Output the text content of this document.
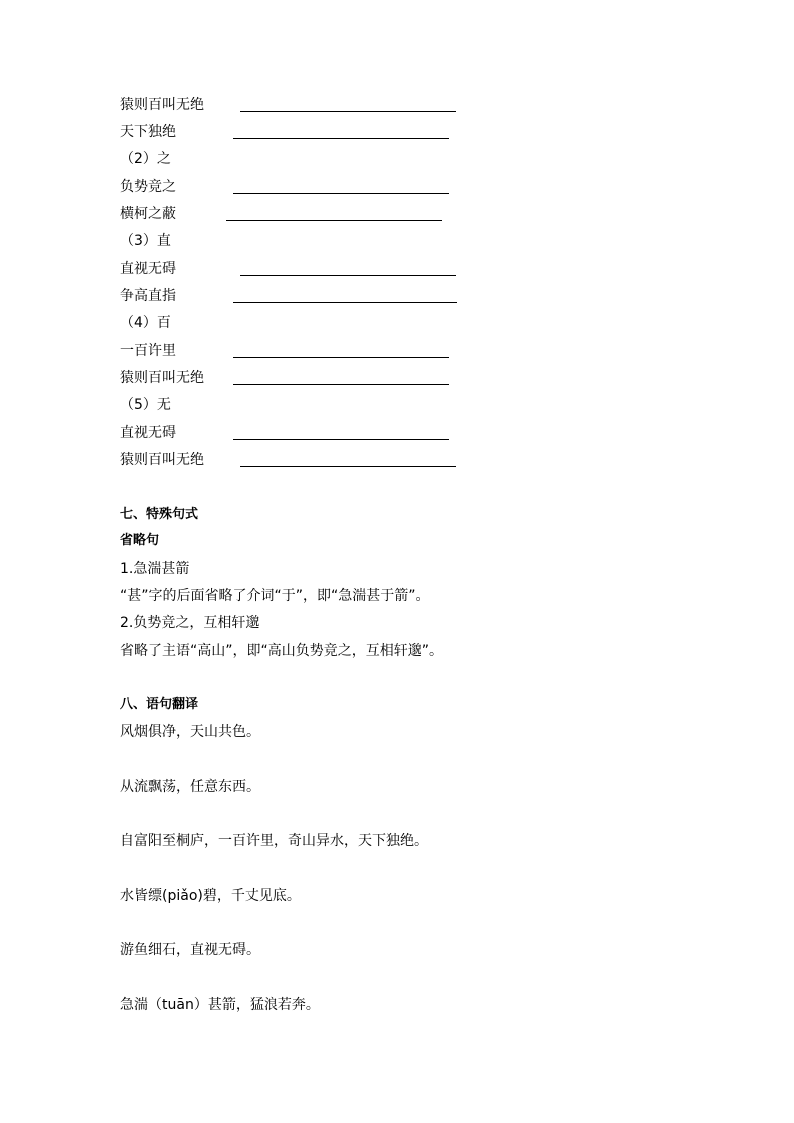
猿则百叫无绝
天下独绝
（2）之
负势竞之
横柯之蔽
（3）直
直视无碍
争高直指
（4）百
一百许里
猿则百叫无绝
（5）无
直视无碍
猿则百叫无绝
七、特殊句式
省略句
1.急湍甚箭
“甚”字的后面省略了介词“于”，即“急湍甚于箭”。
2.负势竞之，互相轩邈
省略了主语“高山”，即“高山负势竞之，互相轩邈”。
八、语句翻译
风烟俱净，天山共色。
从流飘荡，任意东西。
自富阳至桐庐，一百许里，奇山异水，天下独绝。
水皆缥(piǎo)碧，千丈见底。
游鱼细石，直视无碍。
急湍（tuān）甚箭，猛浪若奔。
